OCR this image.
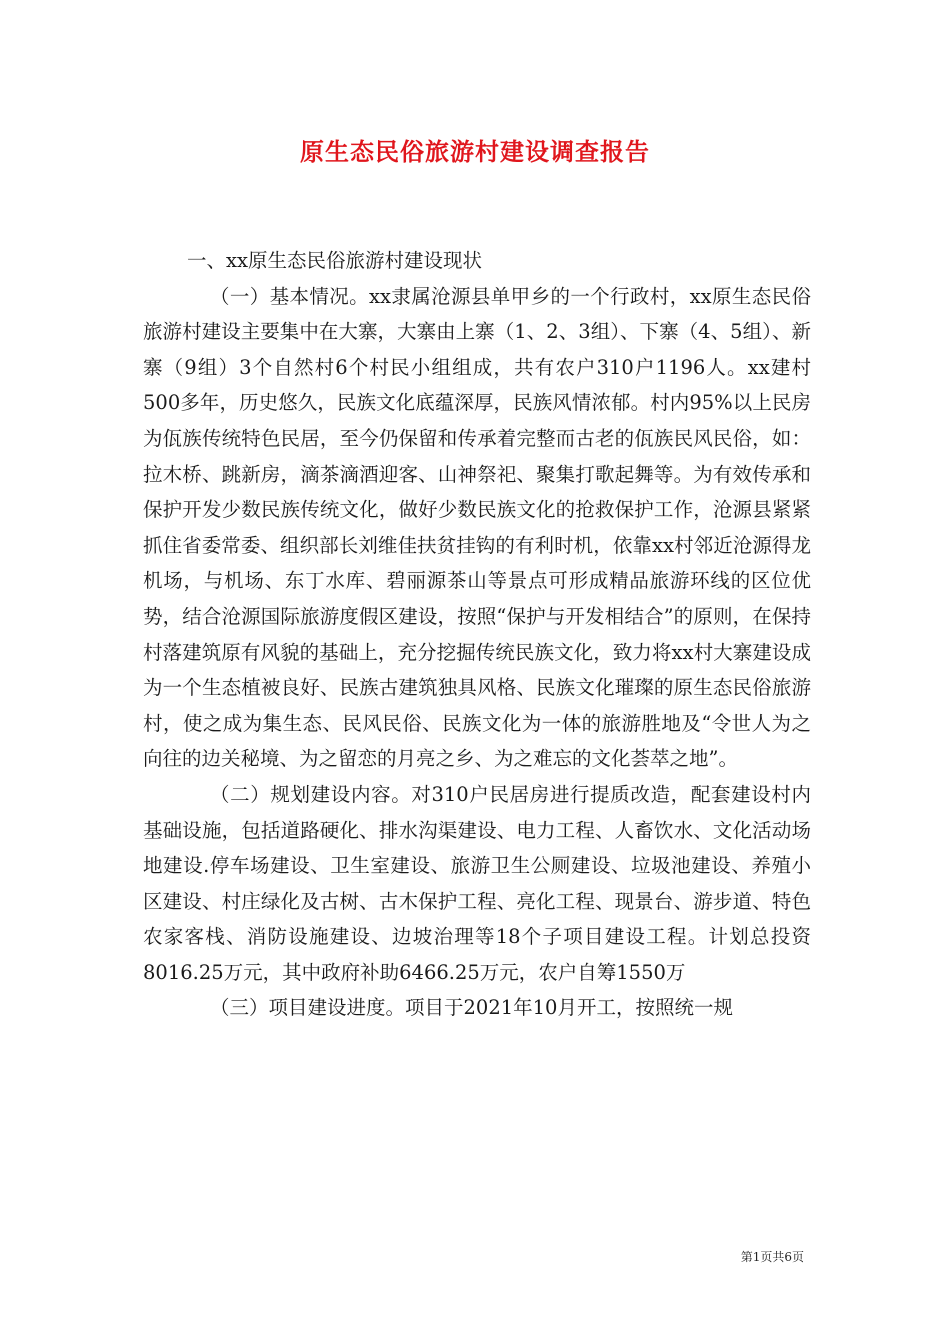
原生态民俗旅游村建设调查报告

一、xx原生态民俗旅游村建设现状

（一）基本情况。xx隶属沧源县单甲乡的一个行政村，xx原生态民俗旅游村建设主要集中在大寨，大寨由上寨（1、2、3组）、下寨（4、5组）、新寨（9组）3个自然村6个村民小组组成，共有农户310户1196人。xx建村500多年，历史悠久，民族文化底蕴深厚，民族风情浓郁。村内95%以上民房为佤族传统特色民居，至今仍保留和传承着完整而古老的佤族民风民俗，如：拉木桥、跳新房，滴茶滴酒迎客、山神祭祀、聚集打歌起舞等。为有效传承和保护开发少数民族传统文化，做好少数民族文化的抢救保护工作，沧源县紧紧抓住省委常委、组织部长刘维佳扶贫挂钩的有利时机，依靠xx村邻近沧源得龙机场，与机场、东丁水库、碧丽源茶山等景点可形成精品旅游环线的区位优势，结合沧源国际旅游度假区建设，按照“保护与开发相结合”的原则，在保持村落建筑原有风貌的基础上，充分挖掘传统民族文化，致力将xx村大寨建设成为一个生态植被良好、民族古建筑独具风格、民族文化璀璨的原生态民俗旅游村，使之成为集生态、民风民俗、民族文化为一体的旅游胜地及“令世人为之向往的边关秘境、为之留恋的月亮之乡、为之难忘的文化荟萃之地”。

（二）规划建设内容。对310户民居房进行提质改造，配套建设村内基础设施，包括道路硬化、排水沟渠建设、电力工程、人畜饮水、文化活动场地建设.停车场建设、卫生室建设、旅游卫生公厕建设、垃圾池建设、养殖小区建设、村庄绿化及古树、古木保护工程、亮化工程、现景台、游步道、特色农家客栈、消防设施建设、边坡治理等18个子项目建设工程。计划总投资8016.25万元，其中政府补助6466.25万元，农户自筹1550万

（三）项目建设进度。项目于2021年10月开工，按照统一规

第1页共6页
